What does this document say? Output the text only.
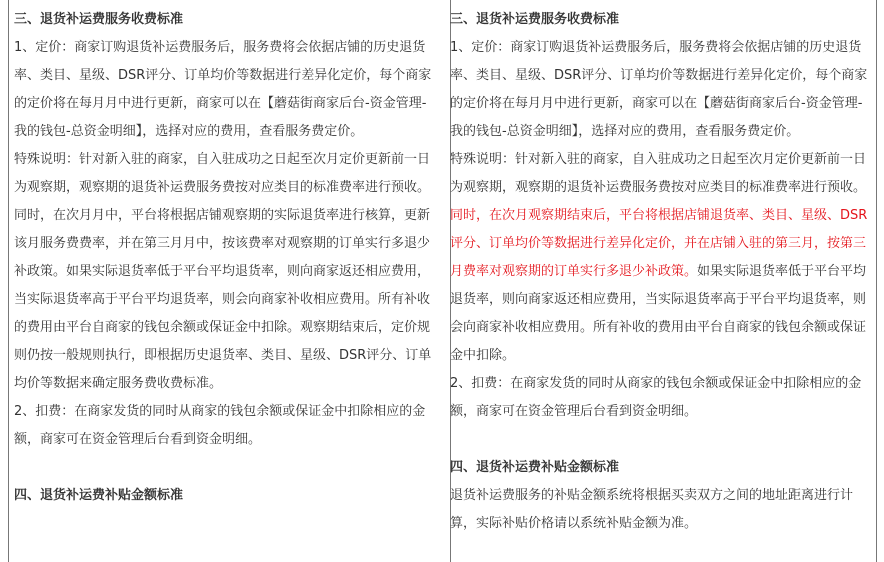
三、退货补运费服务收费标准

1、定价：商家订购退货补运费服务后，服务费将会依据店铺的历史退货率、类目、星级、DSR评分、订单均价等数据进行差异化定价，每个商家的定价将在每月月中进行更新，商家可以在【蘑菇街商家后台-资金管理-我的钱包-总资金明细】，选择对应的费用，查看服务费定价。

特殊说明：针对新入驻的商家，自入驻成功之日起至次月定价更新前一日为观察期，观察期的退货补运费服务费按对应类目的标准费率进行预收。同时，在次月月中，平台将根据店铺观察期的实际退货率进行核算，更新该月服务费费率，并在第三月月中，按该费率对观察期的订单实行多退少补政策。如果实际退货率低于平台平均退货率，则向商家返还相应费用，当实际退货率高于平台平均退货率，则会向商家补收相应费用。所有补收的费用由平台自商家的钱包余额或保证金中扣除。观察期结束后，定价规则仍按一般规则执行，即根据历史退货率、类目、星级、DSR评分、订单均价等数据来确定服务费收费标准。

2、扣费：在商家发货的同时从商家的钱包余额或保证金中扣除相应的金额，商家可在资金管理后台看到资金明细。

四、退货补运费补贴金额标准

三、退货补运费服务收费标准

1、定价：商家订购退货补运费服务后，服务费将会依据店铺的历史退货率、类目、星级、DSR评分、订单均价等数据进行差异化定价，每个商家的定价将在每月月中进行更新，商家可以在【蘑菇街商家后台-资金管理-我的钱包-总资金明细】，选择对应的费用，查看服务费定价。

特殊说明：针对新入驻的商家，自入驻成功之日起至次月定价更新前一日为观察期，观察期的退货补运费服务费按对应类目的标准费率进行预收。同时，在次月观察期结束后，平台将根据店铺退货率、类目、星级、DSR评分、订单均价等数据进行差异化定价，并在店铺入驻的第三月，按第三月费率对观察期的订单实行多退少补政策。如果实际退货率低于平台平均退货率，则向商家返还相应费用，当实际退货率高于平台平均退货率，则会向商家补收相应费用。所有补收的费用由平台自商家的钱包余额或保证金中扣除。

2、扣费：在商家发货的同时从商家的钱包余额或保证金中扣除相应的金额，商家可在资金管理后台看到资金明细。

四、退货补运费补贴金额标准

退货补运费服务的补贴金额系统将根据买卖双方之间的地址距离进行计算，实际补贴价格请以系统补贴金额为准。
